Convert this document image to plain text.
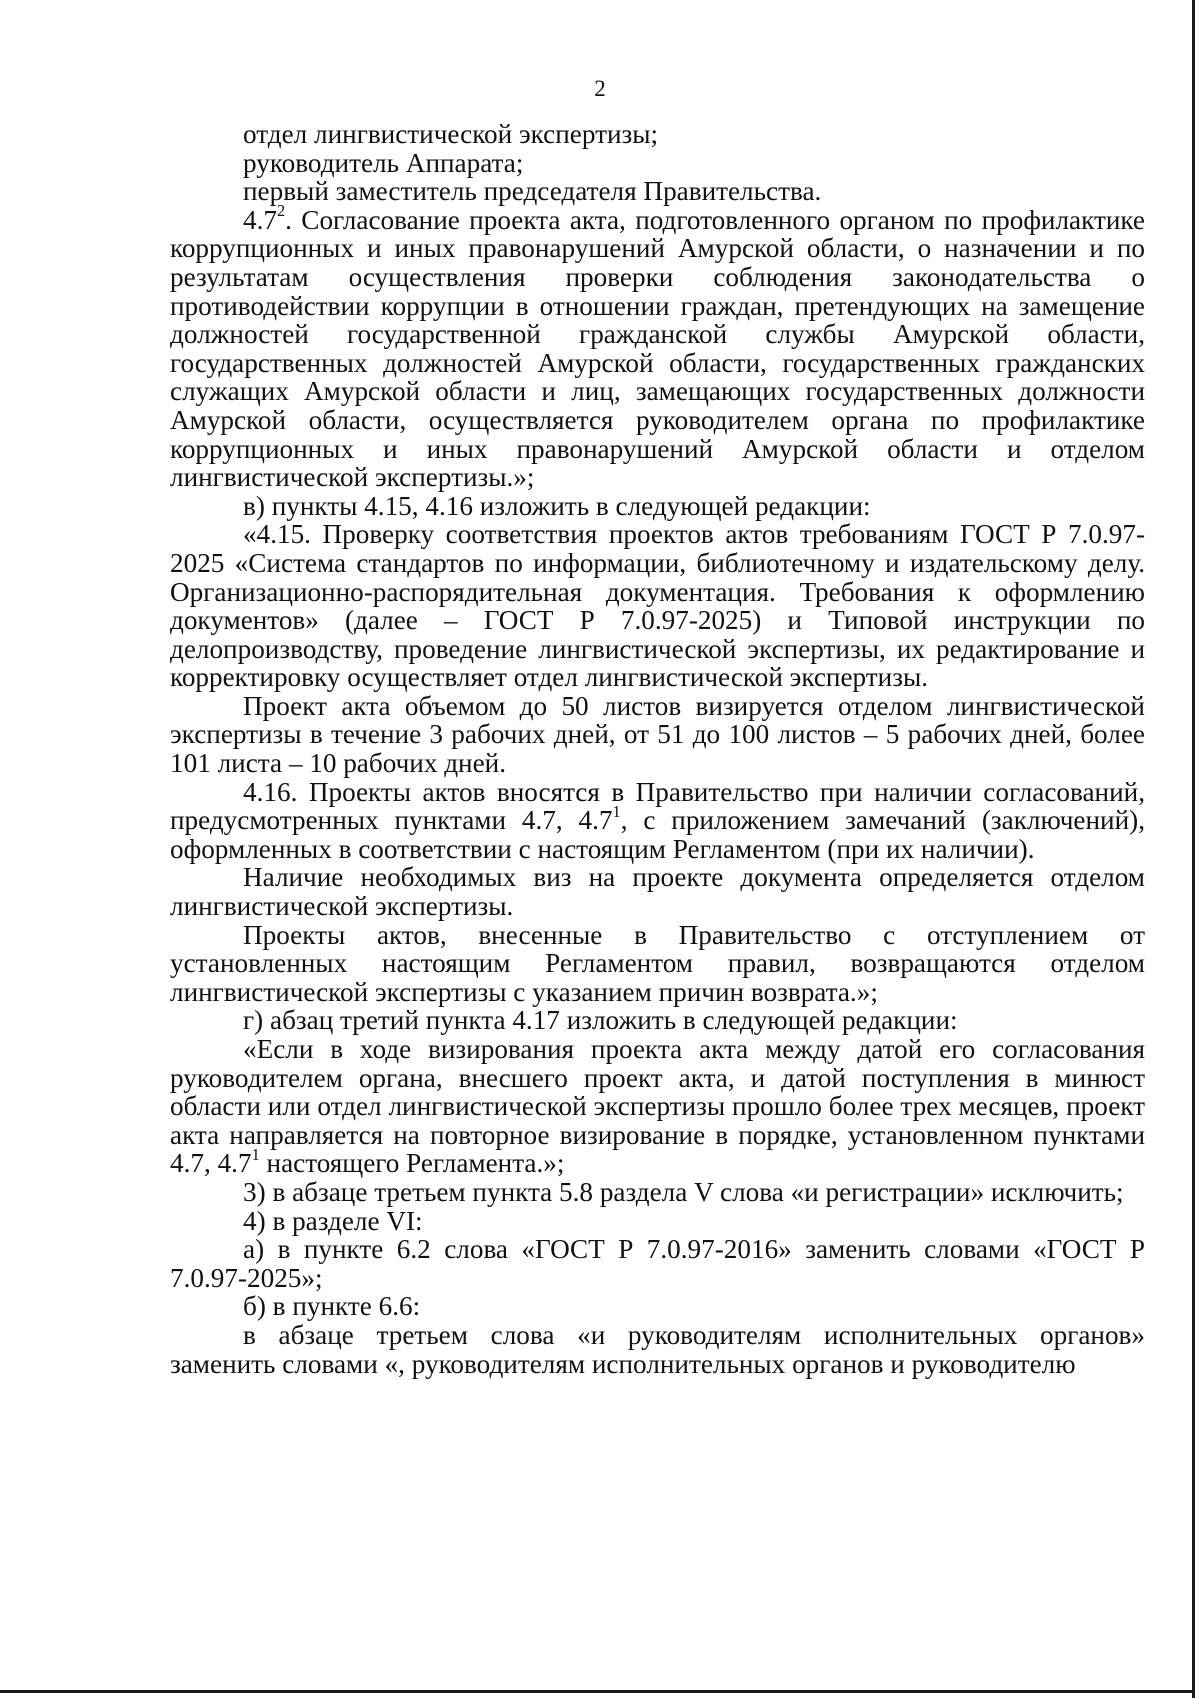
2

отдел лингвистической экспертизы;

руководитель Аппарата;

первый заместитель председателя Правительства.

$4.7^2$. Согласование проекта акта, подготовленного органом по профилактике коррупционных и иных правонарушений Амурской области, о назначении и по результатам осуществления проверки соблюдения законодательства о противодействии коррупции в отношении граждан, претендующих на замещение должностей государственной гражданской службы Амурской области, государственных должностей Амурской области, государственных гражданских служащих Амурской области и лиц, замещающих государственных должности Амурской области, осуществляется руководителем органа по профилактике коррупционных и иных правонарушений Амурской области и отделом лингвистической экспертизы.»;

в) пункты 4.15, 4.16 изложить в следующей редакции:

«4.15. Проверку соответствия проектов актов требованиям ГОСТ Р 7.0.97-2025 «Система стандартов по информации, библиотечному и издательскому делу. Организационно-распорядительная документация. Требования к оформлению документов» (далее – ГОСТ Р 7.0.97-2025) и Типовой инструкции по делопроизводству, проведение лингвистической экспертизы, их редактирование и корректировку осуществляет отдел лингвистической экспертизы.

Проект акта объемом до 50 листов визируется отделом лингвистической экспертизы в течение 3 рабочих дней, от 51 до 100 листов – 5 рабочих дней, более 101 листа – 10 рабочих дней.

4.16. Проекты актов вносятся в Правительство при наличии согласований, предусмотренных пунктами 4.7, $4.7^1$, с приложением замечаний (заключений), оформленных в соответствии с настоящим Регламентом (при их наличии).

Наличие необходимых виз на проекте документа определяется отделом лингвистической экспертизы.

Проекты актов, внесенные в Правительство с отступлением от установленных настоящим Регламентом правил, возвращаются отделом лингвистической экспертизы с указанием причин возврата.»;

г) абзац третий пункта 4.17 изложить в следующей редакции:

«Если в ходе визирования проекта акта между датой его согласования руководителем органа, внесшего проект акта, и датой поступления в минюст области или отдел лингвистической экспертизы прошло более трех месяцев, проект акта направляется на повторное визирование в порядке, установленном пунктами 4.7, $4.7^1$ настоящего Регламента.»;

3) в абзаце третьем пункта 5.8 раздела V слова «и регистрации» исключить;

4) в разделе VI:

а) в пункте 6.2 слова «ГОСТ Р 7.0.97-2016» заменить словами «ГОСТ Р 7.0.97-2025»;

б) в пункте 6.6:

в абзаце третьем слова «и руководителям исполнительных органов» заменить словами «, руководителям исполнительных органов и руководителю
